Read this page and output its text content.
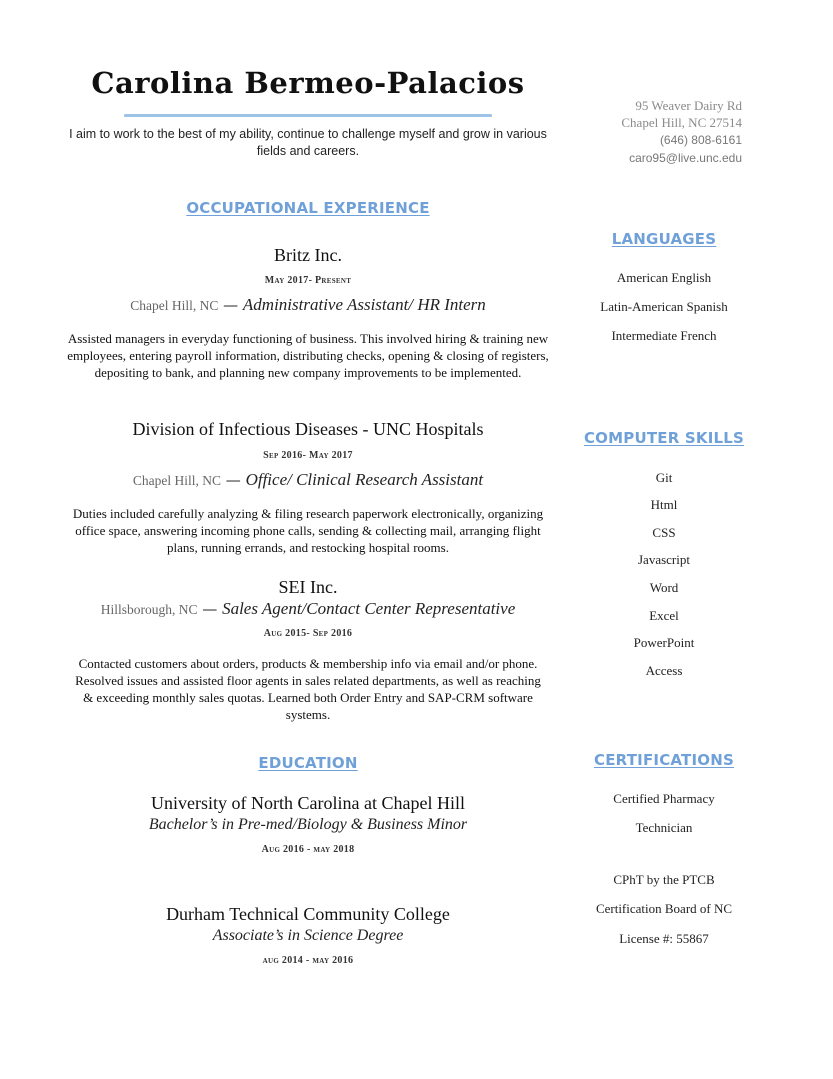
Carolina Bermeo-Palacios
I aim to work to the best of my ability, continue to challenge myself and grow in various fields and careers.
95 Weaver Dairy Rd
Chapel Hill, NC 27514
(646) 808-6161
caro95@live.unc.edu
OCCUPATIONAL EXPERIENCE
Britz Inc.
May 2017- Present
Chapel Hill, NC — Administrative Assistant/ HR Intern
Assisted managers in everyday functioning of business. This involved hiring & training new employees, entering payroll information, distributing checks, opening & closing of registers, depositing to bank, and planning new company improvements to be implemented.
Division of Infectious Diseases - UNC Hospitals
Sep 2016- May 2017
Chapel Hill, NC — Office/ Clinical Research Assistant
Duties included carefully analyzing & filing research paperwork electronically, organizing office space, answering incoming phone calls, sending & collecting mail, arranging flight plans, running errands, and restocking hospital rooms.
SEI Inc.
Hillsborough, NC — Sales Agent/Contact Center Representative
Aug 2015- Sep 2016
Contacted customers about orders, products & membership info via email and/or phone. Resolved issues and assisted floor agents in sales related departments, as well as reaching & exceeding monthly sales quotas. Learned both Order Entry and SAP-CRM software systems.
EDUCATION
University of North Carolina at Chapel Hill
Bachelor’s in Pre-med/Biology & Business Minor
Aug 2016 - may 2018
Durham Technical Community College
Associate’s in Science Degree
aug 2014 - may 2016
LANGUAGES
American English
Latin-American Spanish
Intermediate French
COMPUTER SKILLS
Git
Html
CSS
Javascript
Word
Excel
PowerPoint
Access
CERTIFICATIONS
Certified Pharmacy
Technician
CPhT by the PTCB
Certification Board of NC
License #: 55867
